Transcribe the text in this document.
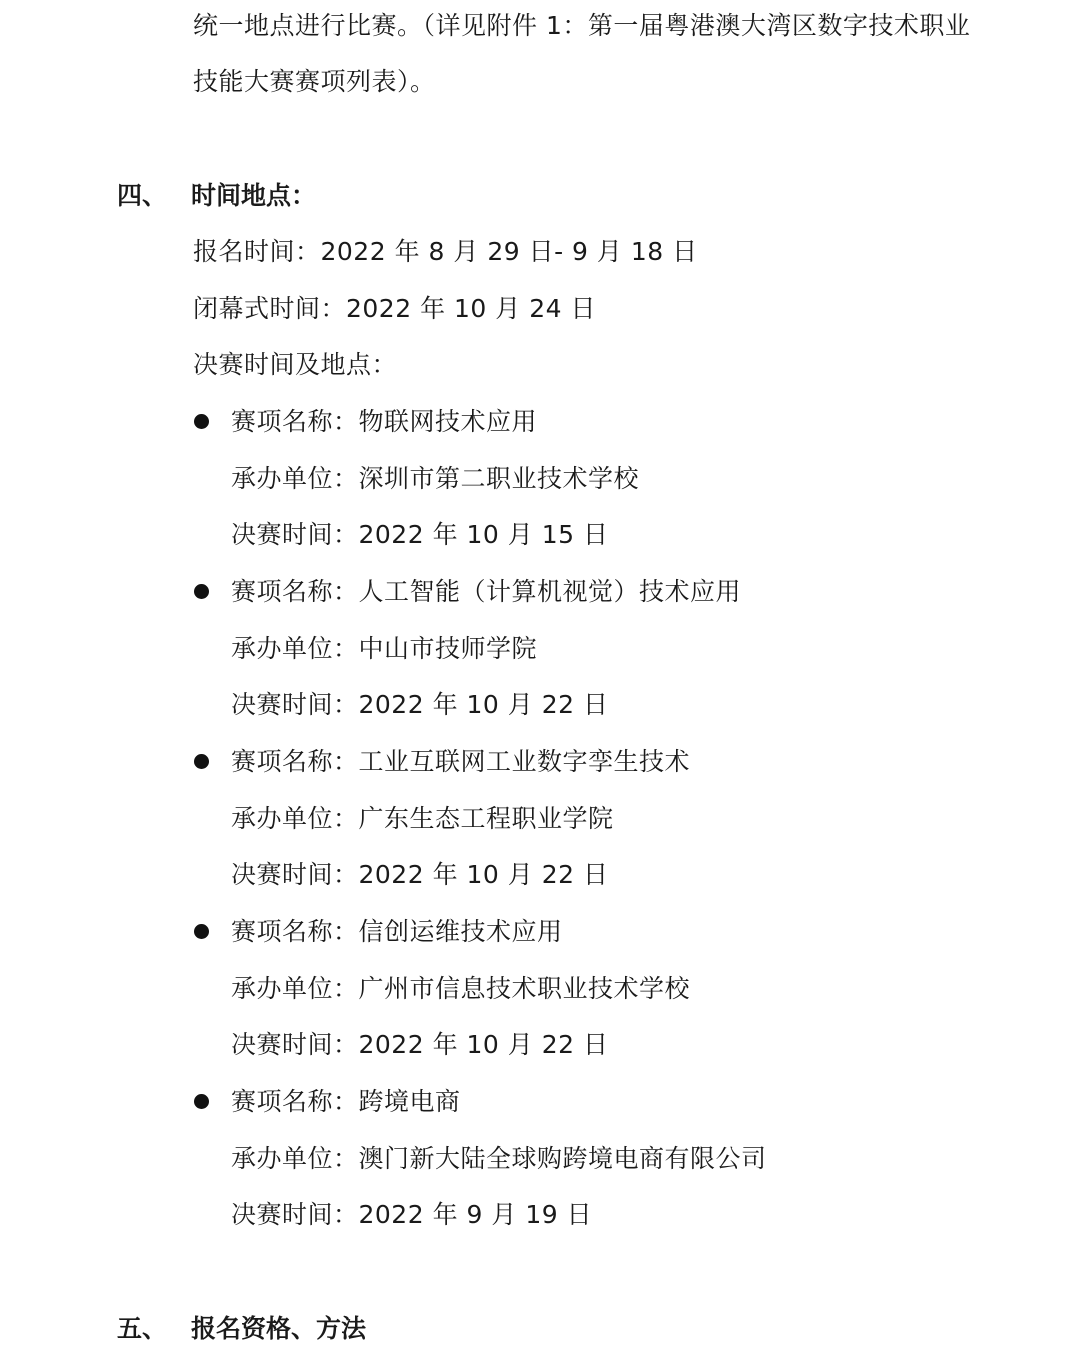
统一地点进行比赛。（详见附件 1：第一届粤港澳大湾区数字技术职业
技能大赛赛项列表）。
四、 时间地点：
报名时间：2022 年 8 月 29 日- 9 月 18 日
闭幕式时间：2022 年 10 月 24 日
决赛时间及地点：
赛项名称：物联网技术应用
承办单位：深圳市第二职业技术学校
决赛时间：2022 年 10 月 15 日
赛项名称：人工智能（计算机视觉）技术应用
承办单位：中山市技师学院
决赛时间：2022 年 10 月 22 日
赛项名称：工业互联网工业数字孪生技术
承办单位：广东生态工程职业学院
决赛时间：2022 年 10 月 22 日
赛项名称：信创运维技术应用
承办单位：广州市信息技术职业技术学校
决赛时间：2022 年 10 月 22 日
赛项名称：跨境电商
承办单位：澳门新大陆全球购跨境电商有限公司
决赛时间：2022 年 9 月 19 日
五、 报名资格、方法
